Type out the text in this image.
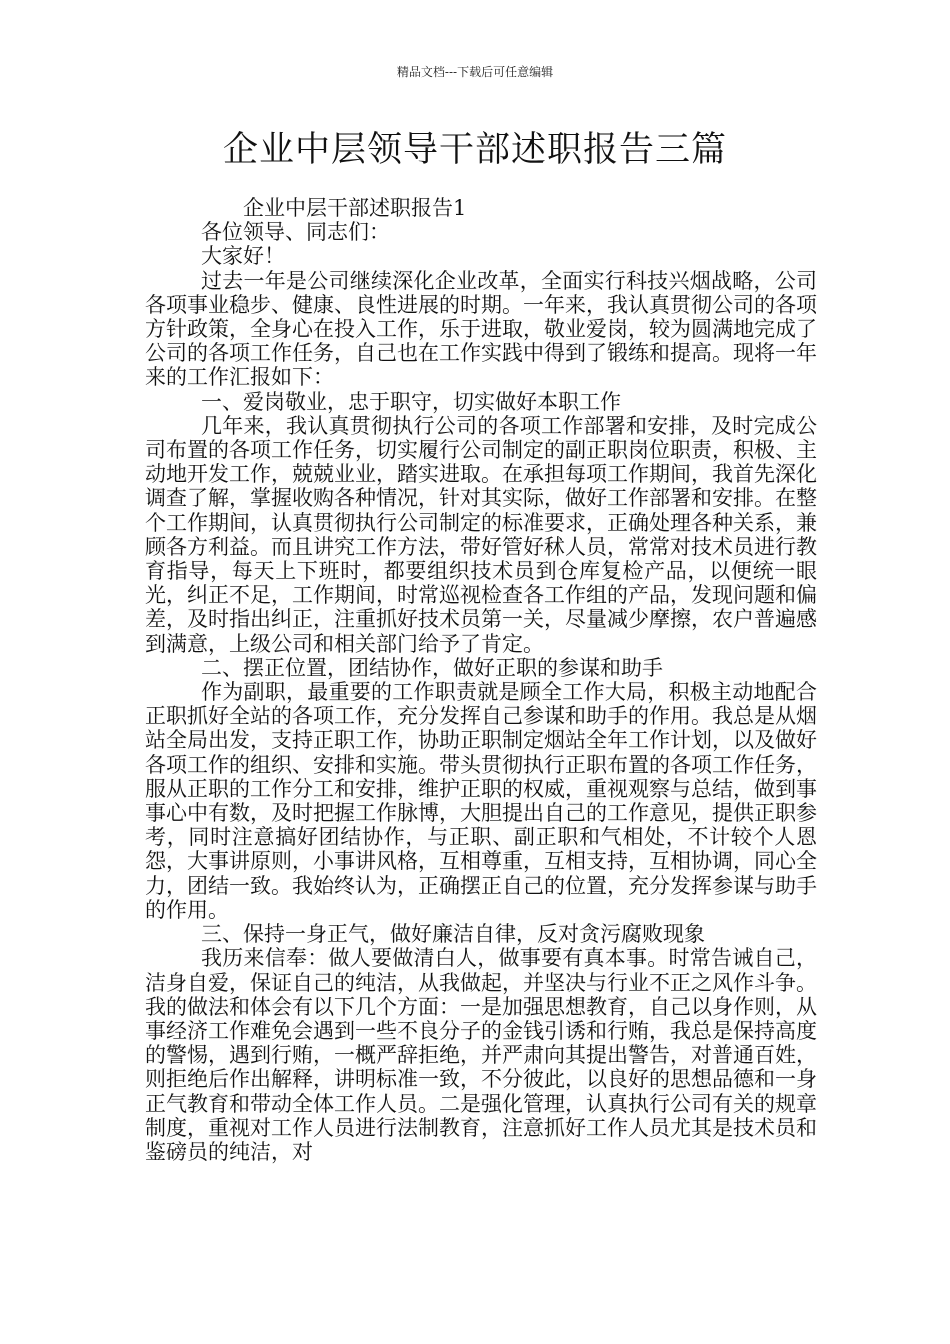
精品文档---下载后可任意编辑
企业中层领导干部述职报告三篇

企业中层干部述职报告1

各位领导、同志们：

大家好！

过去一年是公司继续深化企业改革，全面实行科技兴烟战略，公司各项事业稳步、健康、良性进展的时期。一年来，我认真贯彻公司的各项方针政策，全身心在投入工作，乐于进取，敬业爱岗，较为圆满地完成了公司的各项工作任务，自己也在工作实践中得到了锻练和提高。现将一年来的工作汇报如下：

一、爱岗敬业，忠于职守，切实做好本职工作

几年来，我认真贯彻执行公司的各项工作部署和安排，及时完成公司布置的各项工作任务，切实履行公司制定的副正职岗位职责，积极、主动地开发工作，兢兢业业，踏实进取。在承担每项工作期间，我首先深化调查了解，掌握收购各种情况，针对其实际，做好工作部署和安排。在整个工作期间，认真贯彻执行公司制定的标准要求，正确处理各种关系，兼顾各方利益。而且讲究工作方法，带好管好秫人员，常常对技术员进行教育指导，每天上下班时，都要组织技术员到仓库复检产品，以便统一眼光，纠正不足，工作期间，时常巡视检查各工作组的产品，发现问题和偏差，及时指出纠正，注重抓好技术员第一关，尽量减少摩擦，农户普遍感到满意，上级公司和相关部门给予了肯定。

二、摆正位置，团结协作，做好正职的参谋和助手

作为副职，最重要的工作职责就是顾全工作大局，积极主动地配合正职抓好全站的各项工作，充分发挥自己参谋和助手的作用。我总是从烟站全局出发，支持正职工作，协助正职制定烟站全年工作计划，以及做好各项工作的组织、安排和实施。带头贯彻执行正职布置的各项工作任务，服从正职的工作分工和安排，维护正职的权威，重视观察与总结，做到事事心中有数，及时把握工作脉博，大胆提出自己的工作意见，提供正职参考，同时注意搞好团结协作，与正职、副正职和气相处，不计较个人恩怨，大事讲原则，小事讲风格，互相尊重，互相支持，互相协调，同心全力，团结一致。我始终认为，正确摆正自己的位置，充分发挥参谋与助手的作用。

三、保持一身正气，做好廉洁自律，反对贪污腐败现象

我历来信奉：做人要做清白人，做事要有真本事。时常告诫自己，洁身自爱，保证自己的纯洁，从我做起，并坚决与行业不正之风作斗争。我的做法和体会有以下几个方面：一是加强思想教育，自己以身作则，从事经济工作难免会遇到一些不良分子的金钱引诱和行贿，我总是保持高度的警惕，遇到行贿，一概严辞拒绝，并严肃向其提出警告，对普通百姓，则拒绝后作出解释，讲明标准一致，不分彼此，以良好的思想品德和一身正气教育和带动全体工作人员。二是强化管理，认真执行公司有关的规章制度，重视对工作人员进行法制教育，注意抓好工作人员尤其是技术员和鉴磅员的纯洁，对
